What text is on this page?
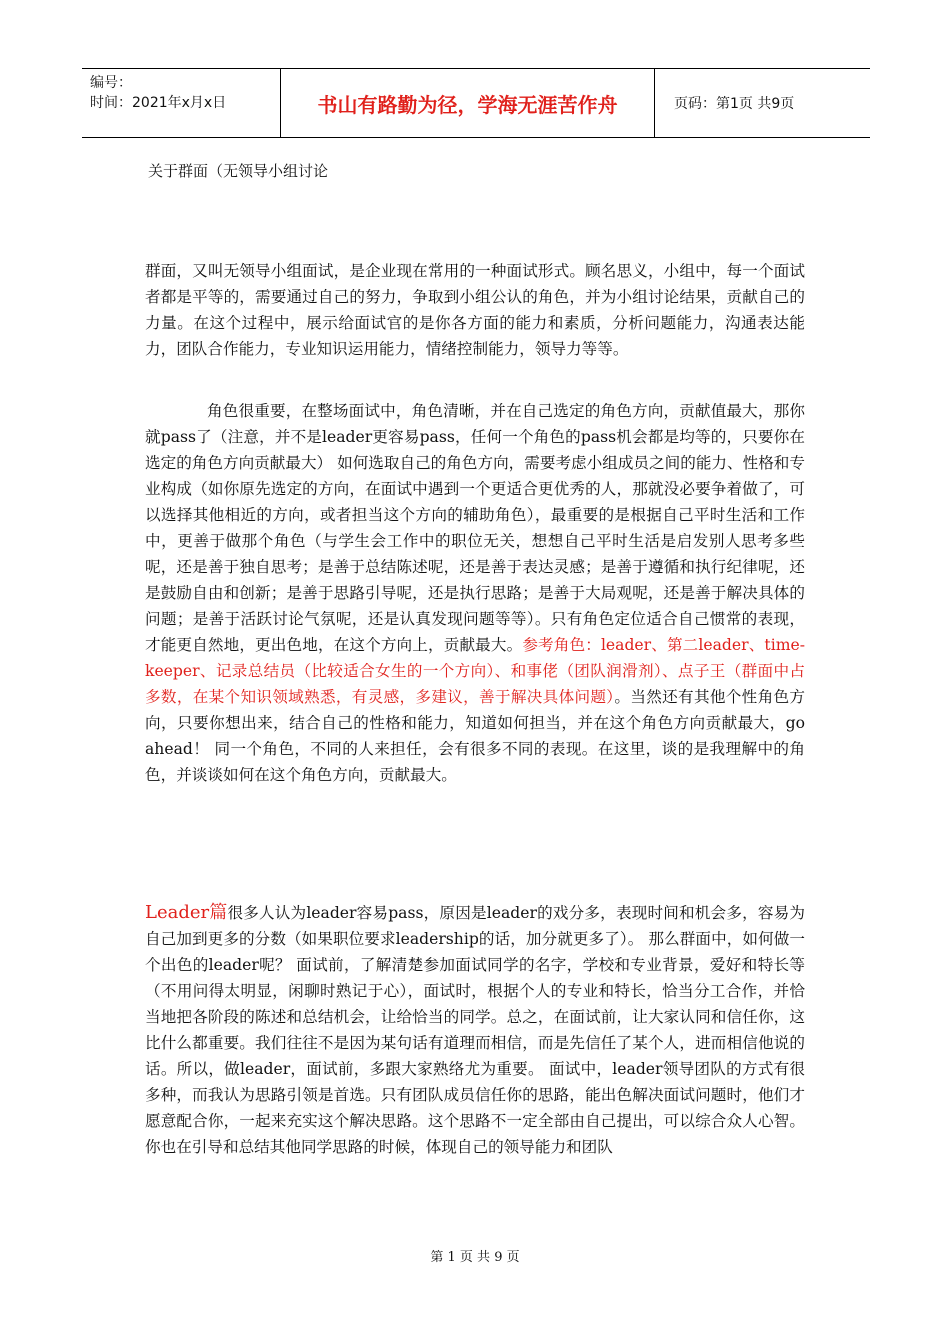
编号：
时间：2021年x月x日	书山有路勤为径，学海无涯苦作舟	页码：第1页 共9页
关于群面（无领导小组讨论
群面，又叫无领导小组面试，是企业现在常用的一种面试形式。顾名思义，小组中，每一个面试者都是平等的，需要通过自己的努力，争取到小组公认的角色，并为小组讨论结果，贡献自己的力量。在这个过程中，展示给面试官的是你各方面的能力和素质，分析问题能力，沟通表达能力，团队合作能力，专业知识运用能力，情绪控制能力，领导力等等。
角色很重要，在整场面试中，角色清晰，并在自己选定的角色方向，贡献值最大，那你就pass了（注意，并不是leader更容易pass，任何一个角色的pass机会都是均等的，只要你在选定的角色方向贡献最大） 如何选取自己的角色方向，需要考虑小组成员之间的能力、性格和专业构成（如你原先选定的方向，在面试中遇到一个更适合更优秀的人，那就没必要争着做了，可以选择其他相近的方向，或者担当这个方向的辅助角色），最重要的是根据自己平时生活和工作中，更善于做那个角色（与学生会工作中的职位无关，想想自己平时生活是启发别人思考多些呢，还是善于独自思考；是善于总结陈述呢，还是善于表达灵感；是善于遵循和执行纪律呢，还是鼓励自由和创新；是善于思路引导呢，还是执行思路；是善于大局观呢，还是善于解决具体的问题；是善于活跃讨论气氛呢，还是认真发现问题等等）。只有角色定位适合自己惯常的表现，才能更自然地，更出色地，在这个方向上，贡献最大。参考角色：leader、第二leader、time-keeper、记录总结员（比较适合女生的一个方向）、和事佬（团队润滑剂）、点子王（群面中占多数，在某个知识领域熟悉，有灵感，多建议，善于解决具体问题）。当然还有其他个性角色方向，只要你想出来，结合自己的性格和能力，知道如何担当，并在这个角色方向贡献最大，go ahead！ 同一个角色，不同的人来担任，会有很多不同的表现。在这里，谈的是我理解中的角色，并谈谈如何在这个角色方向，贡献最大。
Leader篇很多人认为leader容易pass，原因是leader的戏分多，表现时间和机会多，容易为自己加到更多的分数（如果职位要求leadership的话，加分就更多了）。 那么群面中，如何做一个出色的leader呢？ 面试前，了解清楚参加面试同学的名字，学校和专业背景，爱好和特长等（不用问得太明显，闲聊时熟记于心），面试时，根据个人的专业和特长，恰当分工合作，并恰当地把各阶段的陈述和总结机会，让给恰当的同学。总之，在面试前，让大家认同和信任你，这比什么都重要。我们往往不是因为某句话有道理而相信，而是先信任了某个人，进而相信他说的话。所以，做leader，面试前，多跟大家熟络尤为重要。 面试中，leader领导团队的方式有很多种，而我认为思路引领是首选。只有团队成员信任你的思路，能出色解决面试问题时，他们才愿意配合你，一起来充实这个解决思路。这个思路不一定全部由自己提出，可以综合众人心智。你也在引导和总结其他同学思路的时候，体现自己的领导能力和团队
第 1 页 共 9 页
